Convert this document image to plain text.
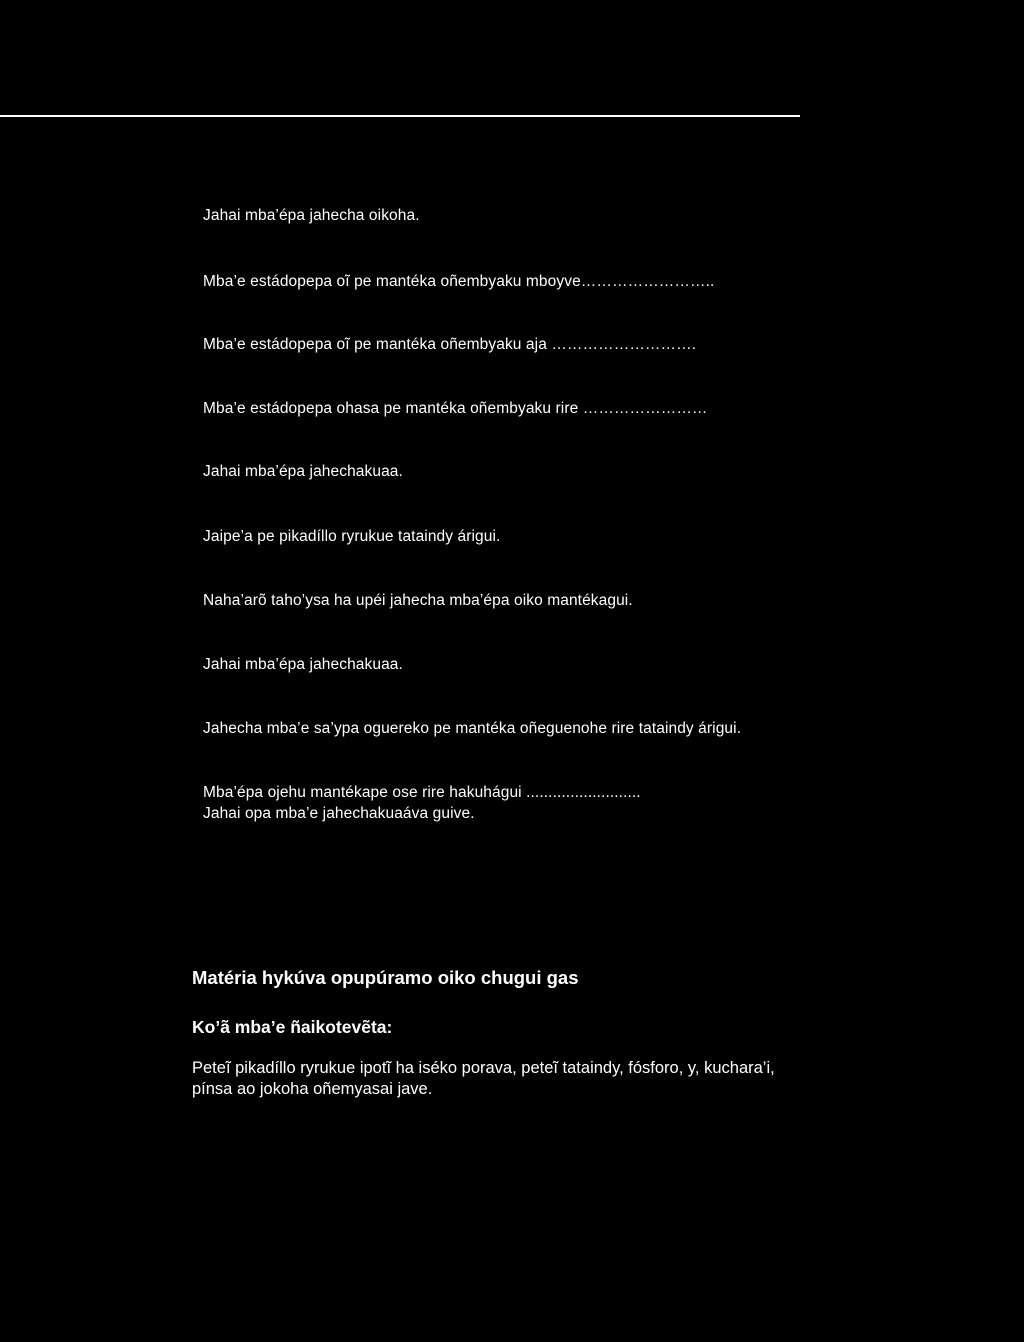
Jahai mba’épa jahecha oikoha.
Mba’e estádopepa oĩ pe mantéka oñembyaku mboyve……………………..
Mba’e estádopepa oĩ pe mantéka oñembyaku aja ……………………….
Mba’e estádopepa ohasa pe mantéka oñembyaku rire ……………………
Jahai mba’épa jahechakuaa.
Jaipe’a pe pikadíllo ryrukue tataindy árigui.
Naha’arõ taho’ysa ha upéi jahecha mba’épa oiko mantékagui.
Jahai mba’épa jahechakuaa.
Jahecha mba’e sa’ypa oguereko pe mantéka oñeguenohe rire tataindy árigui.
Mba’épa ojehu mantékape ose rire hakuhágui ..........................
Jahai opa mba’e jahechakuaáva guive.
Matéria hykúva opupúramo oiko chugui gas
Ko’ã mba’e ñaikotevẽta:
Peteĩ pikadíllo ryrukue ipotĩ ha iséko porava, peteĩ tataindy, fósforo, y, kuchara’i,
pínsa ao jokoha oñemyasai jave.
